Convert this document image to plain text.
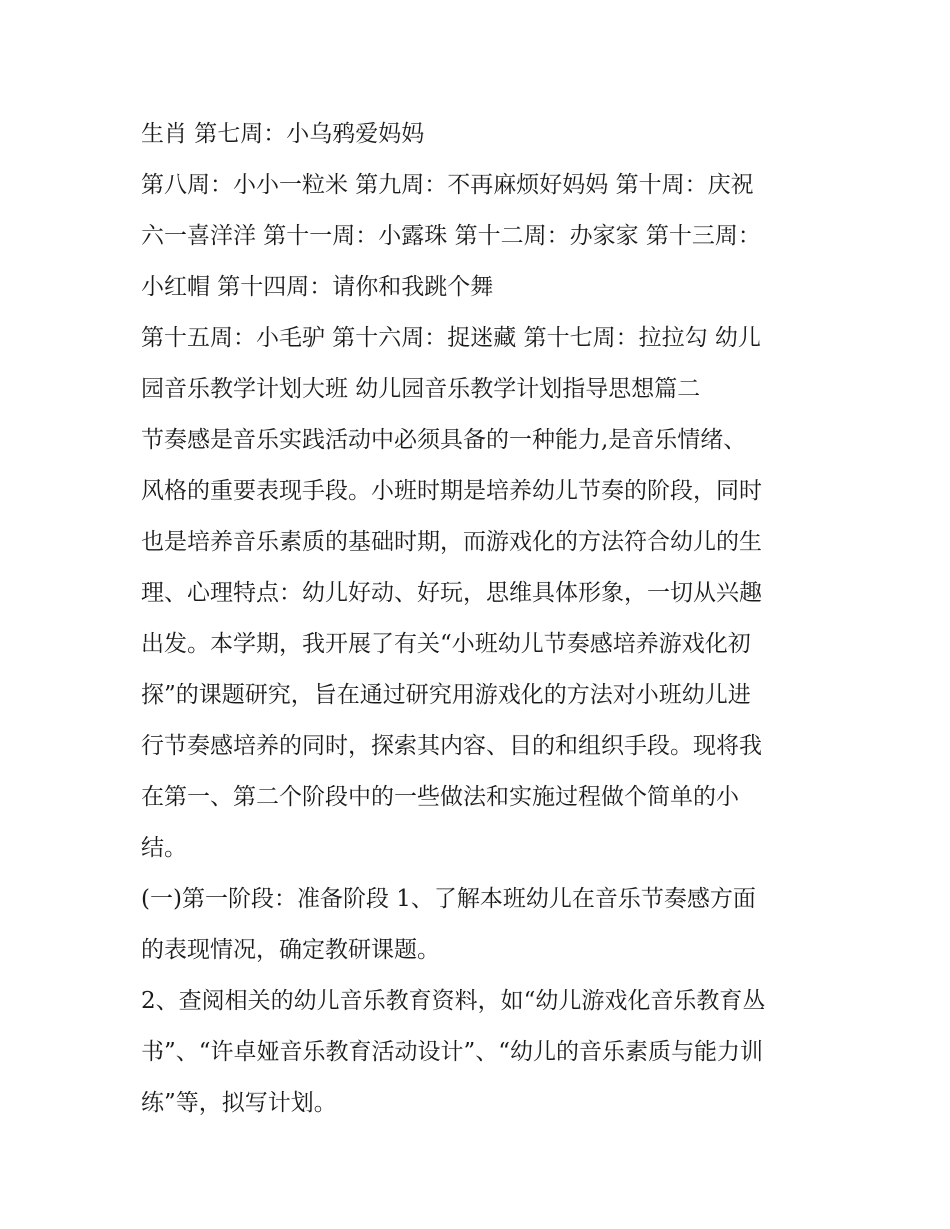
生肖 第七周：小乌鸦爱妈妈
第八周：小小一粒米 第九周：不再麻烦好妈妈 第十周：庆祝
六一喜洋洋 第十一周：小露珠 第十二周：办家家 第十三周：
小红帽 第十四周：请你和我跳个舞
第十五周：小毛驴 第十六周：捉迷藏 第十七周：拉拉勾 幼儿
园音乐教学计划大班 幼儿园音乐教学计划指导思想篇二
节奏感是音乐实践活动中必须具备的一种能力,是音乐情绪、
风格的重要表现手段。小班时期是培养幼儿节奏的阶段，同时
也是培养音乐素质的基础时期，而游戏化的方法符合幼儿的生
理、心理特点：幼儿好动、好玩，思维具体形象，一切从兴趣
出发。本学期，我开展了有关“小班幼儿节奏感培养游戏化初
探”的课题研究，旨在通过研究用游戏化的方法对小班幼儿进
行节奏感培养的同时，探索其内容、目的和组织手段。现将我
在第一、第二个阶段中的一些做法和实施过程做个简单的小
结。
(一)第一阶段：准备阶段 1、了解本班幼儿在音乐节奏感方面
的表现情况，确定教研课题。
2、查阅相关的幼儿音乐教育资料，如“幼儿游戏化音乐教育丛
书”、“许卓娅音乐教育活动设计”、“幼儿的音乐素质与能力训
练”等，拟写计划。
